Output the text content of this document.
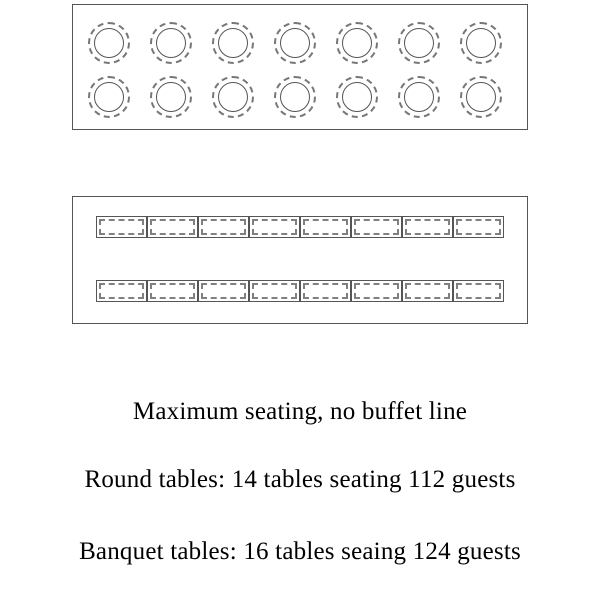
Maximum seating, no buffet line
Round tables: 14 tables seating 112 guests
Banquet tables: 16 tables seaing 124 guests
